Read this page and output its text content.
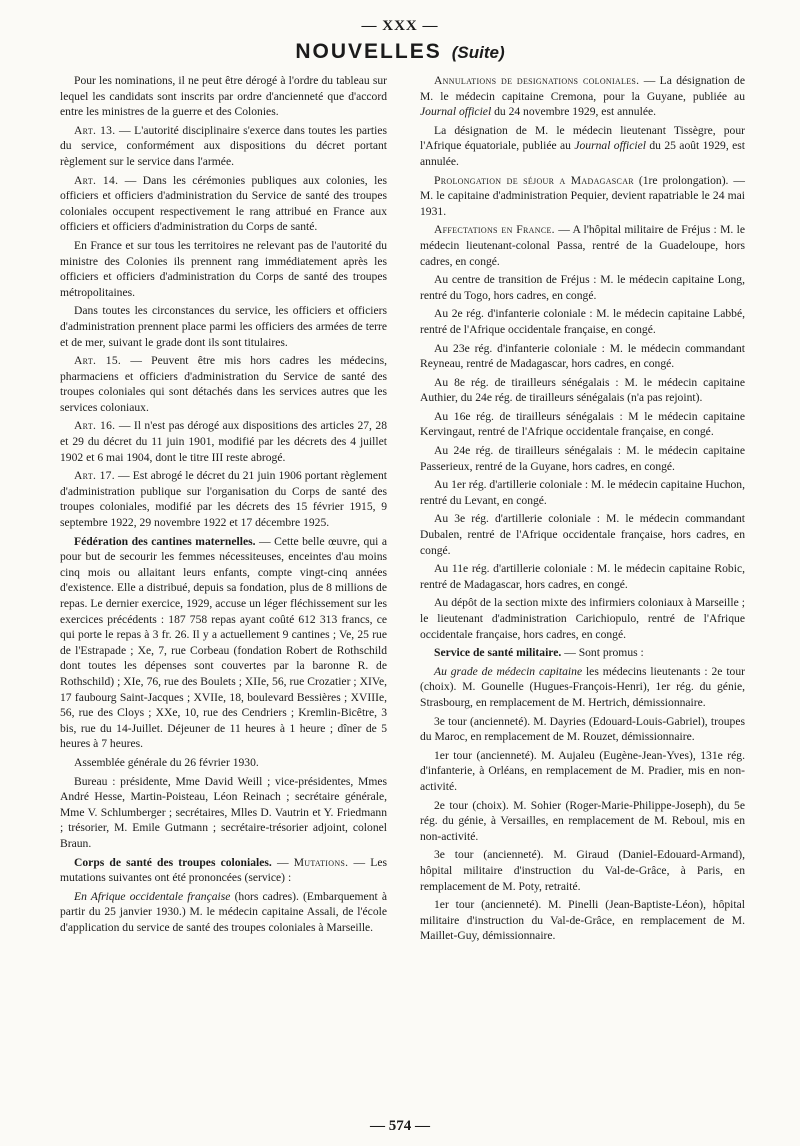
— XXX —
NOUVELLES (Suite)

Pour les nominations, il ne peut être dérogé à l'ordre du tableau sur lequel les candidats sont inscrits par ordre d'ancienneté que d'accord entre les ministres de la guerre et des Colonies.

Art. 13. — L'autorité disciplinaire s'exerce dans toutes les parties du service, conformément aux dispositions du décret portant règlement sur le service dans l'armée.

Art. 14. — Dans les cérémonies publiques aux colonies, les officiers et officiers d'administration du Service de santé des troupes coloniales occupent respectivement le rang attribué en France aux officiers et officiers d'administration du Corps de santé.

En France et sur tous les territoires ne relevant pas de l'autorité du ministre des Colonies ils prennent rang immédiatement après les officiers et officiers d'administration du Corps de santé des troupes métropolitaines.

Dans toutes les circonstances du service, les officiers et officiers d'administration prennent place parmi les officiers des armées de terre et de mer, suivant le grade dont ils sont titulaires.

Art. 15. — Peuvent être mis hors cadres les médecins, pharmaciens et officiers d'administration du Service de santé des troupes coloniales qui sont détachés dans les services autres que les services coloniaux.

Art. 16. — Il n'est pas dérogé aux dispositions des articles 27, 28 et 29 du décret du 11 juin 1901, modifié par les décrets des 4 juillet 1902 et 6 mai 1904, dont le titre III reste abrogé.

Art. 17. — Est abrogé le décret du 21 juin 1906 portant règlement d'administration publique sur l'organisation du Corps de santé des troupes coloniales, modifié par les décrets des 15 février 1915, 9 septembre 1922, 29 novembre 1922 et 17 décembre 1925.

Fédération des cantines maternelles. — Cette belle œuvre, qui a pour but de secourir les femmes nécessiteuses, enceintes d'au moins cinq mois ou allaitant leurs enfants, compte vingt-cinq années d'existence. Elle a distribué, depuis sa fondation, plus de 8 millions de repas. Le dernier exercice, 1929, accuse un léger fléchissement sur les exercices précédents : 187 758 repas ayant coûté 612 313 francs, ce qui porte le repas à 3 fr. 26. Il y a actuellement 9 cantines ; Ve, 25 rue de l'Estrapade ; Xe, 7, rue Corbeau (fondation Robert de Rothschild dont toutes les dépenses sont couvertes par la baronne R. de Rothschild) ; XIe, 76, rue des Boulets ; XIIe, 56, rue Crozatier ; XIVe, 17 faubourg Saint-Jacques ; XVIIe, 18, boulevard Bessières ; XVIIIe, 56, rue des Cloys ; XXe, 10, rue des Cendriers ; Kremlin-Bicêtre, 3 bis, rue du 14-Juillet. Déjeuner de 11 heures à 1 heure ; dîner de 5 heures à 7 heures.

Assemblée générale du 26 février 1930.

Bureau : présidente, Mme David Weill ; vice-présidentes, Mmes André Hesse, Martin-Poisteau, Léon Reinach ; secrétaire générale, Mme V. Schlumberger ; secrétaires, Mlles D. Vautrin et Y. Friedmann ; trésorier, M. Emile Gutmann ; secrétaire-trésorier adjoint, colonel Braun.

Corps de santé des troupes coloniales. — Mutations. — Les mutations suivantes ont été prononcées (service) :

En Afrique occidentale française (hors cadres). (Embarquement à partir du 25 janvier 1930.) M. le médecin capitaine Assali, de l'école d'application du service de santé des troupes coloniales à Marseille.

Annulations de designations coloniales. — La désignation de M. le médecin capitaine Cremona, pour la Guyane, publiée au Journal officiel du 24 novembre 1929, est annulée.

La désignation de M. le médecin lieutenant Tissègre, pour l'Afrique équatoriale, publiée au Journal officiel du 25 août 1929, est annulée.

Prolongation de séjour a Madagascar (1re prolongation). — M. le capitaine d'administration Pequier, devient rapatriable le 24 mai 1931.

Affectations en France. — A l'hôpital militaire de Fréjus : M. le médecin lieutenant-colonal Passa, rentré de la Guadeloupe, hors cadres, en congé.

Au centre de transition de Fréjus : M. le médecin capitaine Long, rentré du Togo, hors cadres, en congé.

Au 2e rég. d'infanterie coloniale : M. le médecin capitaine Labbé, rentré de l'Afrique occidentale française, en congé.

Au 23e rég. d'infanterie coloniale : M. le médecin commandant Reyneau, rentré de Madagascar, hors cadres, en congé.

Au 8e rég. de tirailleurs sénégalais : M. le médecin capitaine Authier, du 24e rég. de tirailleurs sénégalais (n'a pas rejoint).

Au 16e rég. de tirailleurs sénégalais : M le médecin capitaine Kervingaut, rentré de l'Afrique occidentale française, en congé.

Au 24e rég. de tirailleurs sénégalais : M. le médecin capitaine Passerieux, rentré de la Guyane, hors cadres, en congé.

Au 1er rég. d'artillerie coloniale : M. le médecin capitaine Huchon, rentré du Levant, en congé.

Au 3e rég. d'artillerie coloniale : M. le médecin commandant Dubalen, rentré de l'Afrique occidentale française, hors cadres, en congé.

Au 11e rég. d'artillerie coloniale : M. le médecin capitaine Robic, rentré de Madagascar, hors cadres, en congé.

Au dépôt de la section mixte des infirmiers coloniaux à Marseille ; le lieutenant d'administration Carichiopulo, rentré de l'Afrique occidentale française, hors cadres, en congé.

Service de santé militaire. — Sont promus :

Au grade de médecin capitaine les médecins lieutenants : 2e tour (choix). M. Gounelle (Hugues-François-Henri), 1er rég. du génie, Strasbourg, en remplacement de M. Hertrich, démissionnaire.

3e tour (ancienneté). M. Dayries (Edouard-Louis-Gabriel), troupes du Maroc, en remplacement de M. Rouzet, démissionnaire.

1er tour (ancienneté). M. Aujaleu (Eugène-Jean-Yves), 131e rég. d'infanterie, à Orléans, en remplacement de M. Pradier, mis en non-activité.

2e tour (choix). M. Sohier (Roger-Marie-Philippe-Joseph), du 5e rég. du génie, à Versailles, en remplacement de M. Reboul, mis en non-activité.

3e tour (ancienneté). M. Giraud (Daniel-Edouard-Armand), hôpital militaire d'instruction du Val-de-Grâce, à Paris, en remplacement de M. Poty, retraité.

1er tour (ancienneté). M. Pinelli (Jean-Baptiste-Léon), hôpital militaire d'instruction du Val-de-Grâce, en remplacement de M. Maillet-Guy, démissionnaire.

— 574 —
